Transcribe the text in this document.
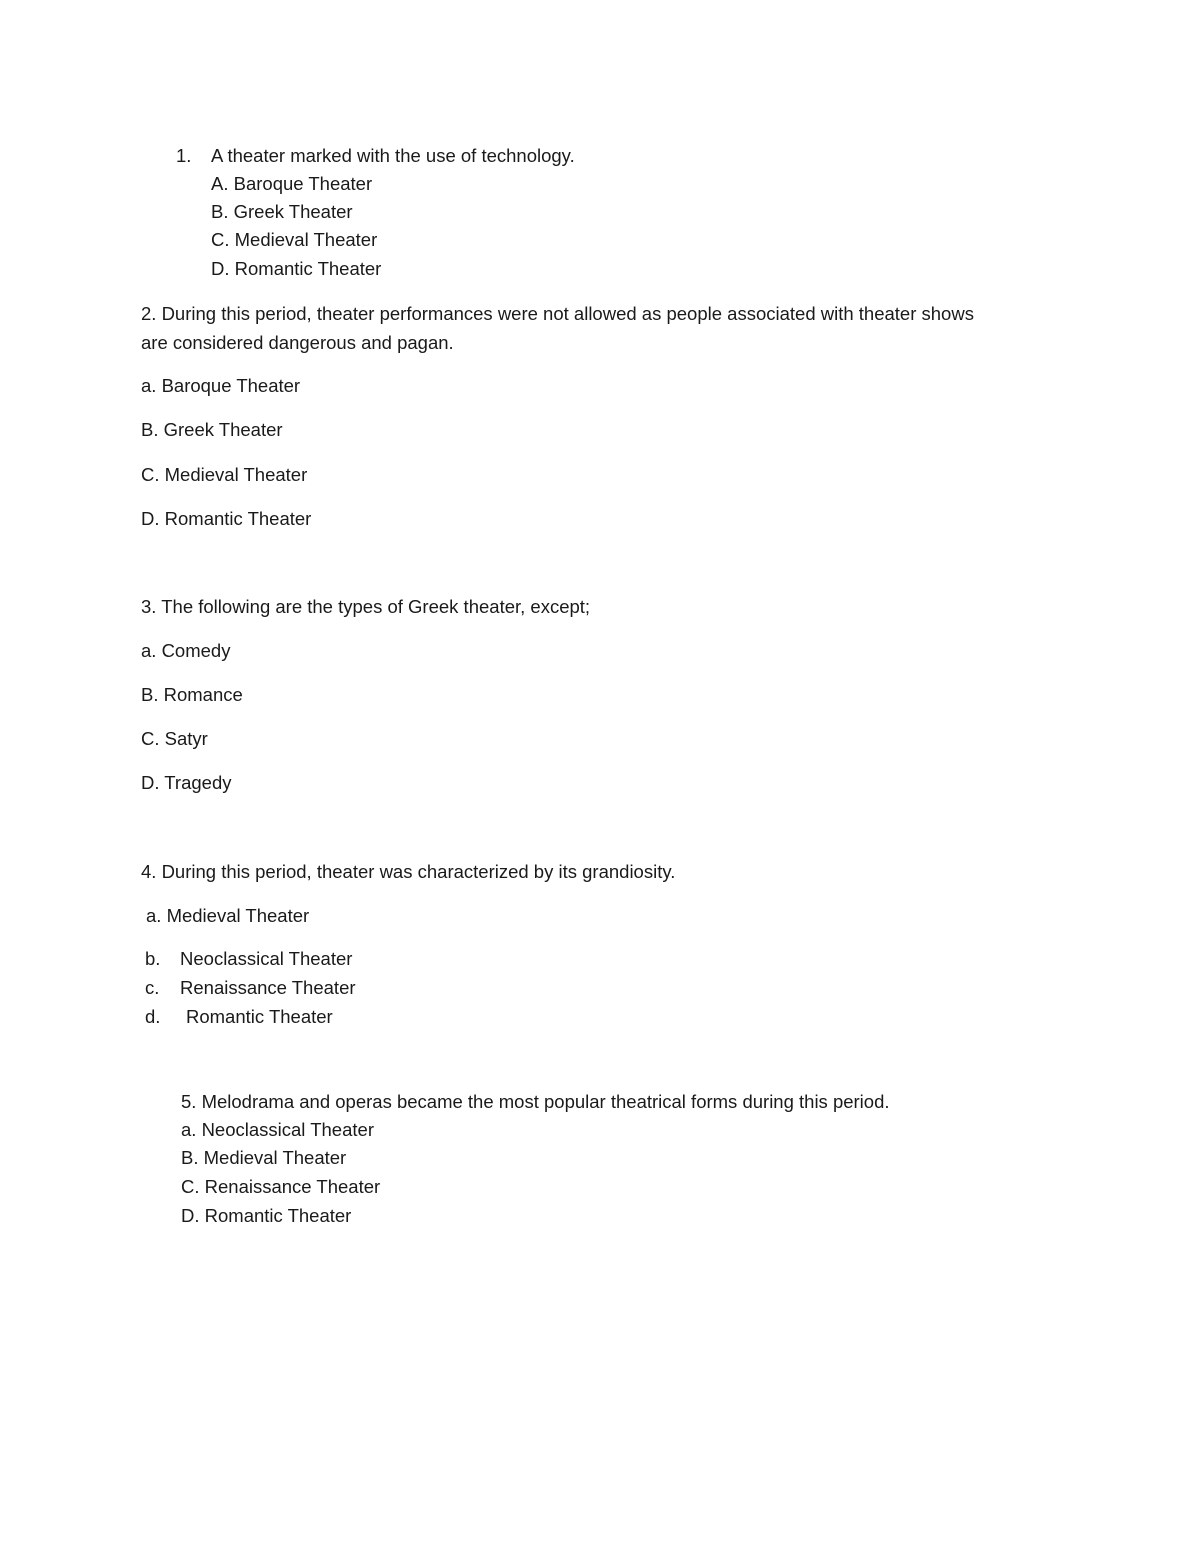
1. A theater marked with the use of technology.
A. Baroque Theater
B. Greek Theater
C. Medieval Theater
D. Romantic Theater
2. During this period, theater performances were not allowed as people associated with theater shows
are considered dangerous and pagan.
a. Baroque Theater
B. Greek Theater
C. Medieval Theater
D. Romantic Theater
3. The following are the types of Greek theater, except;
a. Comedy
B. Romance
C. Satyr
D. Tragedy
4. During this period, theater was characterized by its grandiosity.
a. Medieval Theater
b. Neoclassical Theater
c. Renaissance Theater
d. Romantic Theater
5. Melodrama and operas became the most popular theatrical forms during this period.
a. Neoclassical Theater
B. Medieval Theater
C. Renaissance Theater
D. Romantic Theater
